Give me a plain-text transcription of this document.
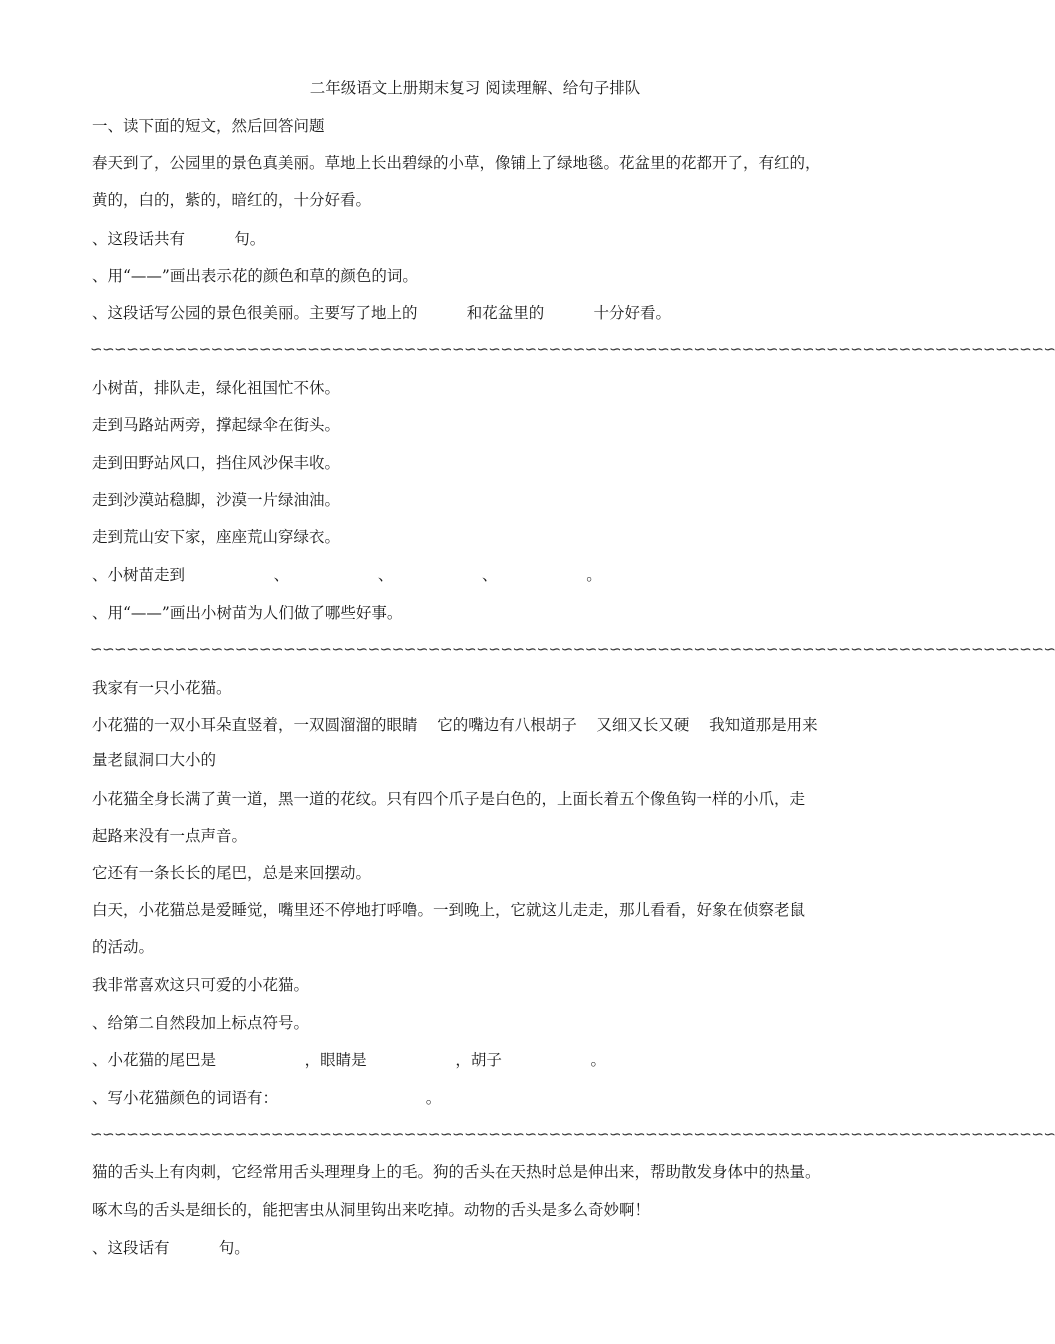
二年级语文上册期末复习 阅读理解、给句子排队
一、读下面的短文，然后回答问题
春天到了，公园里的景色真美丽。草地上长出碧绿的小草，像铺上了绿地毯。花盆里的花都开了，有红的，
黄的，白的，紫的，暗红的，十分好看。
、这段话共有          句。
、用“——”画出表示花的颜色和草的颜色的词。
、这段话写公园的景色很美丽。主要写了地上的          和花盆里的          十分好看。
∽∽∽∽∽∽∽∽∽∽∽∽∽∽∽∽∽∽∽∽∽∽∽∽∽∽∽∽∽∽∽∽∽∽∽∽∽∽∽∽∽∽∽∽∽∽∽∽∽∽∽∽∽∽∽∽∽∽∽∽∽∽∽∽∽∽∽∽∽∽∽∽∽∽∽∽∽∽∽∽
小树苗，排队走，绿化祖国忙不休。
走到马路站两旁，撑起绿伞在街头。
走到田野站风口，挡住风沙保丰收。
走到沙漠站稳脚，沙漠一片绿油油。
走到荒山安下家，座座荒山穿绿衣。
、小树苗走到                  、                  、                  、                  。
、用“——”画出小树苗为人们做了哪些好事。
∽∽∽∽∽∽∽∽∽∽∽∽∽∽∽∽∽∽∽∽∽∽∽∽∽∽∽∽∽∽∽∽∽∽∽∽∽∽∽∽∽∽∽∽∽∽∽∽∽∽∽∽∽∽∽∽∽∽∽∽∽∽∽∽∽∽∽∽∽∽∽∽∽∽∽∽∽∽∽∽
我家有一只小花猫。
小花猫的一双小耳朵直竖着，一双圆溜溜的眼睛    它的嘴边有八根胡子    又细又长又硬    我知道那是用来
量老鼠洞口大小的
小花猫全身长满了黄一道，黑一道的花纹。只有四个爪子是白色的，上面长着五个像鱼钩一样的小爪，走
起路来没有一点声音。
它还有一条长长的尾巴，总是来回摆动。
白天，小花猫总是爱睡觉，嘴里还不停地打呼噜。一到晚上，它就这儿走走，那儿看看，好象在侦察老鼠
的活动。
我非常喜欢这只可爱的小花猫。
、给第二自然段加上标点符号。
、小花猫的尾巴是                  ，眼睛是                  ，胡子                  。
、写小花猫颜色的词语有：                              。
∽∽∽∽∽∽∽∽∽∽∽∽∽∽∽∽∽∽∽∽∽∽∽∽∽∽∽∽∽∽∽∽∽∽∽∽∽∽∽∽∽∽∽∽∽∽∽∽∽∽∽∽∽∽∽∽∽∽∽∽∽∽∽∽∽∽∽∽∽∽∽∽∽∽∽∽∽∽∽∽
猫的舌头上有肉刺，它经常用舌头理理身上的毛。狗的舌头在天热时总是伸出来，帮助散发身体中的热量。
啄木鸟的舌头是细长的，能把害虫从洞里钩出来吃掉。动物的舌头是多么奇妙啊！
、这段话有          句。
